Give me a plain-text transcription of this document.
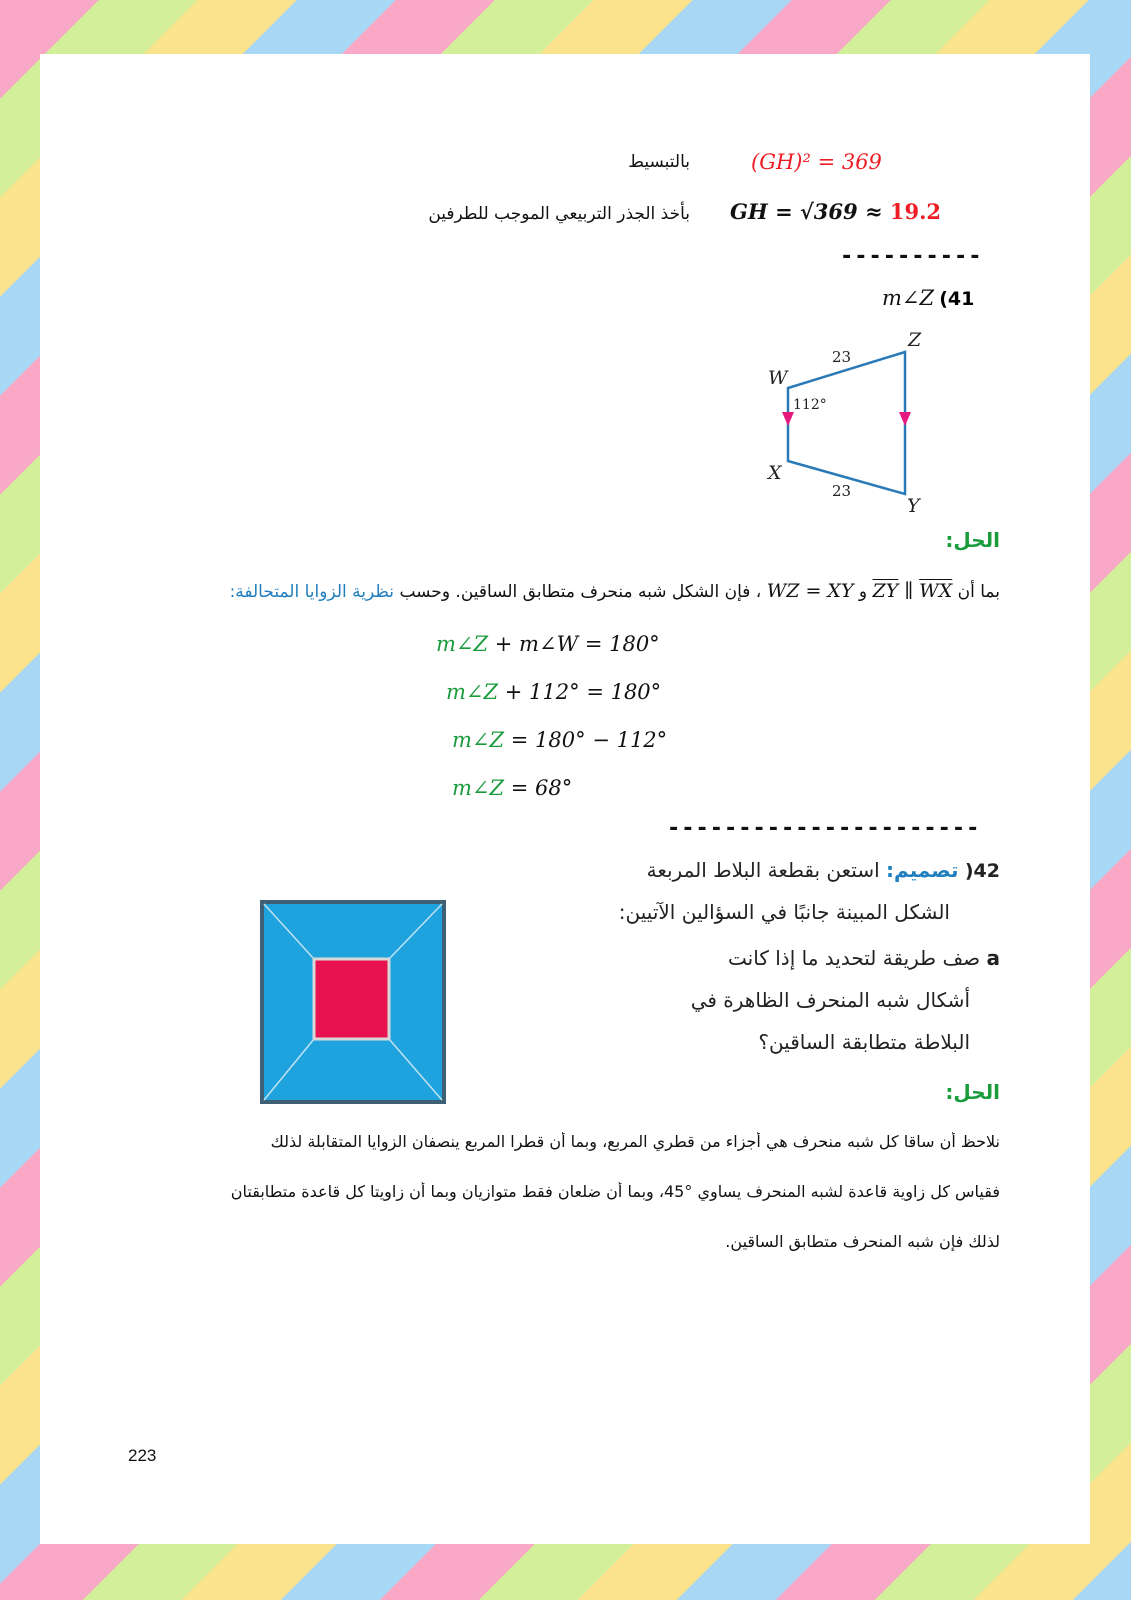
(GH)² = 369
بالتبسيط
GH = √369 ≈ 19.2
بأخذ الجذر التربيعي الموجب للطرفين
----------
m∠Z (41
W
X
Y
Z
23
23
112°
الحل:
بما أن $\overline{ZY}$ ∥ $\overline{WX}$ و WZ = XY ، فإن الشكل شبه منحرف متطابق الساقين. وحسب نظرية الزوايا المتحالفة:
m∠Z + m∠W = 180°
m∠Z + 112° = 180°
m∠Z = 180° − 112°
m∠Z = 68°
----------------------
42( تصميم: استعن بقطعة البلاط المربعة
الشكل المبينة جانبًا في السؤالين الآتيين:
a صف طريقة لتحديد ما إذا كانت
أشكال شبه المنحرف الظاهرة في
البلاطة متطابقة الساقين؟
الحل:
نلاحظ أن ساقا كل شبه منحرف هي أجزاء من قطري المربع، وبما أن قطرا المربع ينصفان الزوايا المتقابلة لذلك
فقياس كل زاوية قاعدة لشبه المنحرف يساوي °45، وبما أن ضلعان فقط متوازيان وبما أن زاويتا كل قاعدة متطابقتان
لذلك فإن شبه المنحرف متطابق الساقين.
223
